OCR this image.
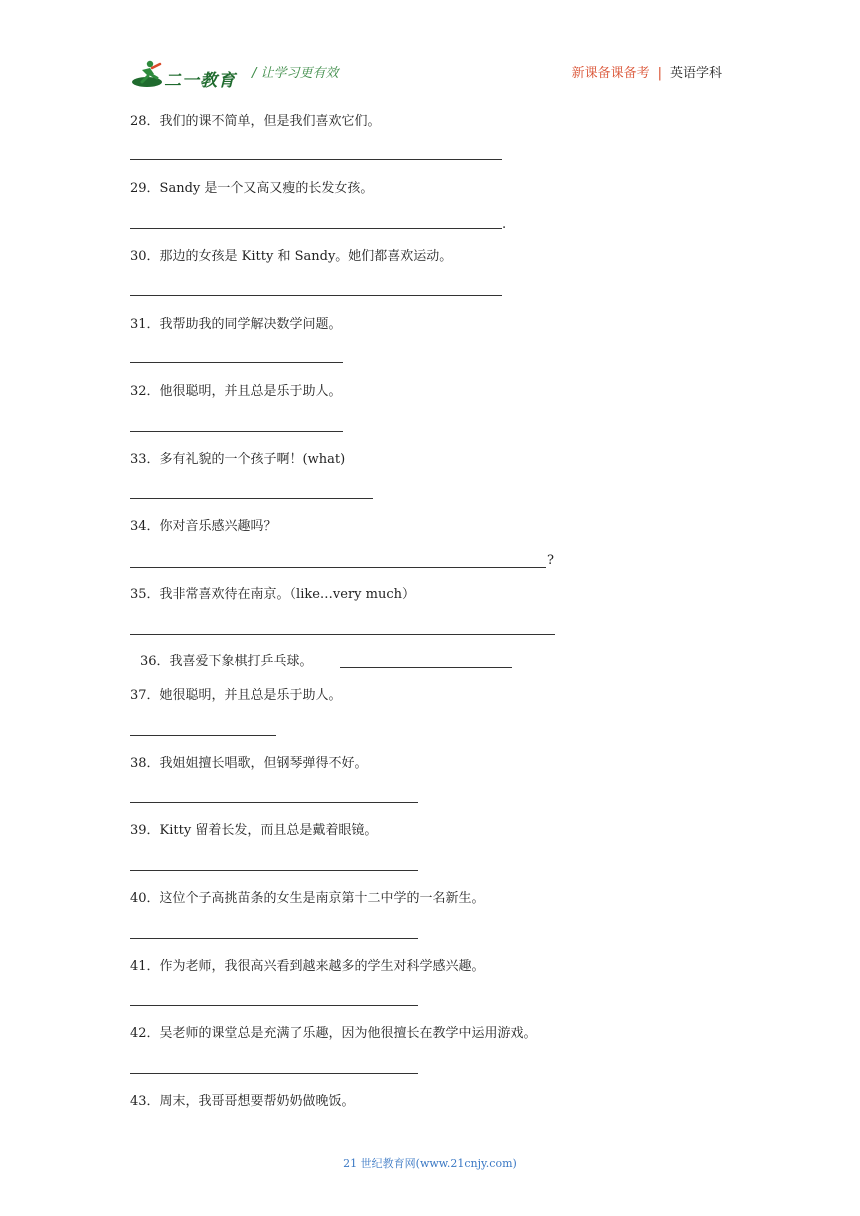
二一教育 / 让学习更有效	新课备课备考 | 英语学科
28．我们的课不简单，但是我们喜欢它们。
29．Sandy 是一个又高又瘦的长发女孩。
.
30．那边的女孩是 Kitty 和 Sandy。她们都喜欢运动。
31．我帮助我的同学解决数学问题。
32．他很聪明，并且总是乐于助人。
33．多有礼貌的一个孩子啊！(what)
34．你对音乐感兴趣吗？
?
35．我非常喜欢待在南京。（like…very much）
36．我喜爱下象棋打乒乓球。
37．她很聪明，并且总是乐于助人。
38．我姐姐擅长唱歌，但钢琴弹得不好。
39．Kitty 留着长发，而且总是戴着眼镜。
40．这位个子高挑苗条的女生是南京第十二中学的一名新生。
41．作为老师，我很高兴看到越来越多的学生对科学感兴趣。
42．吴老师的课堂总是充满了乐趣，因为他很擅长在教学中运用游戏。
43．周末，我哥哥想要帮奶奶做晚饭。
21 世纪教育网(www.21cnjy.com)
